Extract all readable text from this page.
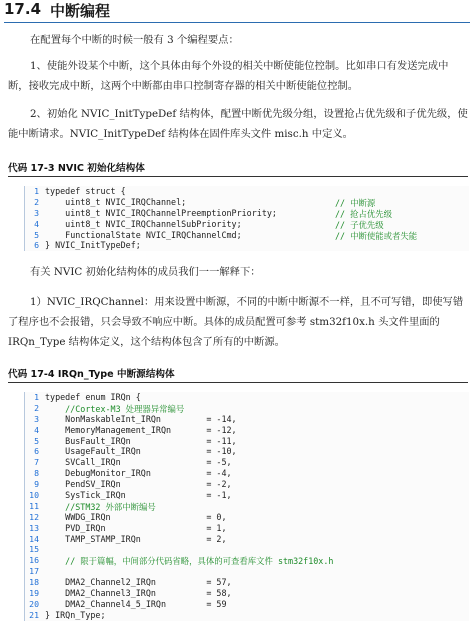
17.4 中断编程
在配置每个中断的时候一般有 3 个编程要点：
1、使能外设某个中断，这个具体由每个外设的相关中断使能位控制。比如串口有发送完成中断，接收完成中断，这两个中断都由串口控制寄存器的相关中断使能位控制。
2、初始化 NVIC_InitTypeDef 结构体，配置中断优先级分组，设置抢占优先级和子优先级，使能中断请求。NVIC_InitTypeDef 结构体在固件库头文件 misc.h 中定义。
代码 17-3 NVIC 初始化结构体
1 typedef struct {
2 uint8_t NVIC_IRQChannel;	// 中断源
3 uint8_t NVIC_IRQChannelPreemptionPriority;	// 抢占优先级
4 uint8_t NVIC_IRQChannelSubPriority;	// 子优先级
5 FunctionalState NVIC_IRQChannelCmd;	// 中断使能或者失能
6 } NVIC_InitTypeDef;
有关 NVIC 初始化结构体的成员我们一一解释下：
1）NVIC_IRQChannel：用来设置中断源，不同的中断中断源不一样，且不可写错，即使写错了程序也不会报错，只会导致不响应中断。具体的成员配置可参考 stm32f10x.h 头文件里面的 IRQn_Type 结构体定义，这个结构体包含了所有的中断源。
代码 17-4 IRQn_Type 中断源结构体
1 typedef enum IRQn {
2 //Cortex-M3 处理器异常编号
3 NonMaskableInt_IRQn         = -14,
4 MemoryManagement_IRQn       = -12,
5 BusFault_IRQn               = -11,
6 UsageFault_IRQn             = -10,
7 SVCall_IRQn                 = -5,
8 DebugMonitor_IRQn           = -4,
9 PendSV_IRQn                 = -2,
10 SysTick_IRQn                = -1,
11 //STM32 外部中断编号
12 WWDG_IRQn                   = 0,
13 PVD_IRQn                    = 1,
14 TAMP_STAMP_IRQn             = 2,
15
16 // 限于篇幅，中间部分代码省略，具体的可查看库文件 stm32f10x.h
17
18 DMA2_Channel2_IRQn          = 57,
19 DMA2_Channel3_IRQn          = 58,
20 DMA2_Channel4_5_IRQn        = 59
21 } IRQn_Type;
